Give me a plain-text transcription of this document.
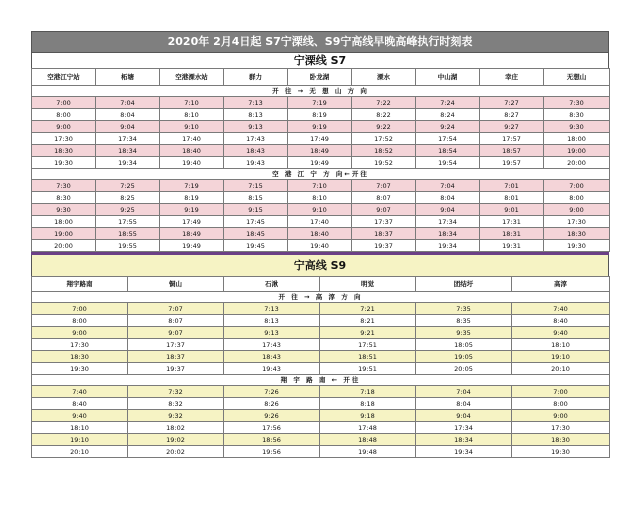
2020年 2月4日起 S7宁溧线、S9宁高线早晚高峰执行时刻表
宁溧线 S7
空港江宁站	柘塘	空港溧水站	群力	卧龙湖	溧水	中山湖	幸庄	无想山
开 往 → 无 想 山 方 向								
7:00	7:04	7:10	7:13	7:19	7:22	7:24	7:27	7:30
8:00	8:04	8:10	8:13	8:19	8:22	8:24	8:27	8:30
9:00	9:04	9:10	9:13	9:19	9:22	9:24	9:27	9:30
17:30	17:34	17:40	17:43	17:49	17:52	17:54	17:57	18:00
18:30	18:34	18:40	18:43	18:49	18:52	18:54	18:57	19:00
19:30	19:34	19:40	19:43	19:49	19:52	19:54	19:57	20:00
空 港 江 宁 方 向←开往								
7:30	7:25	7:19	7:15	7:10	7:07	7:04	7:01	7:00
8:30	8:25	8:19	8:15	8:10	8:07	8:04	8:01	8:00
9:30	9:25	9:19	9:15	9:10	9:07	9:04	9:01	9:00
18:00	17:55	17:49	17:45	17:40	17:37	17:34	17:31	17:30
19:00	18:55	18:49	18:45	18:40	18:37	18:34	18:31	18:30
20:00	19:55	19:49	19:45	19:40	19:37	19:34	19:31	19:30
宁高线 S9
翔宇路南	铜山	石湫	明觉	团结圩	高淳
开 往 → 高 淳 方 向					
7:00	7:07	7:13	7:21	7:35	7:40
8:00	8:07	8:13	8:21	8:35	8:40
9:00	9:07	9:13	9:21	9:35	9:40
17:30	17:37	17:43	17:51	18:05	18:10
18:30	18:37	18:43	18:51	19:05	19:10
19:30	19:37	19:43	19:51	20:05	20:10
翔 宇 路 南 ← 开往					
7:40	7:32	7:26	7:18	7:04	7:00
8:40	8:32	8:26	8:18	8:04	8:00
9:40	9:32	9:26	9:18	9:04	9:00
18:10	18:02	17:56	17:48	17:34	17:30
19:10	19:02	18:56	18:48	18:34	18:30
20:10	20:02	19:56	19:48	19:34	19:30
